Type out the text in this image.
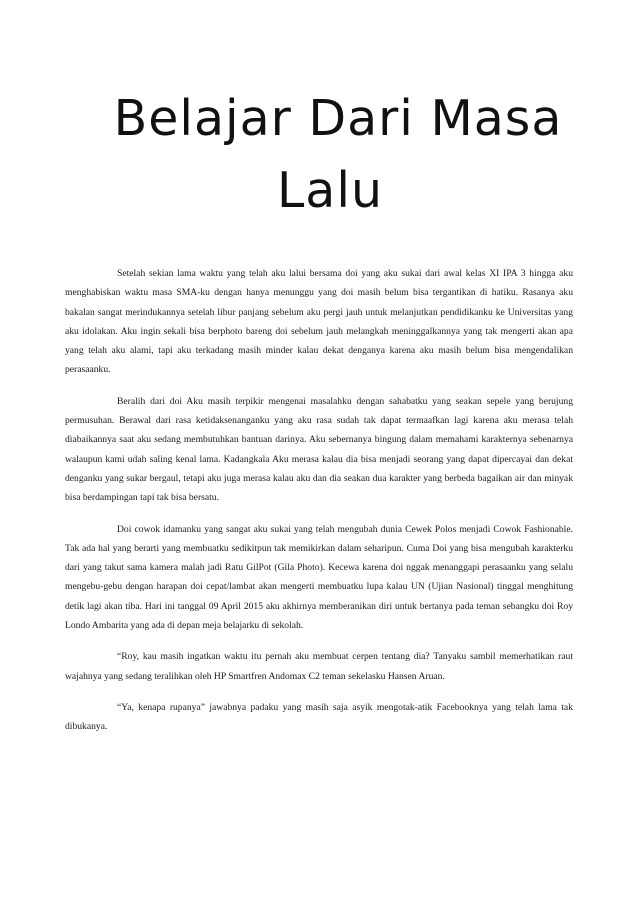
Belajar Dari Masa
Lalu

Setelah sekian lama waktu yang telah aku lalui bersama doi yang aku sukai dari awal kelas XI IPA 3 hingga aku menghabiskan waktu masa SMA-ku dengan hanya menunggu yang doi masih belum bisa tergantikan di hatiku. Rasanya aku bakalan sangat merindukannya setelah libur panjang sebelum aku pergi jauh untuk melanjutkan pendidikanku ke Universitas yang aku idolakan. Aku ingin sekali bisa berphoto bareng doi sebelum jauh melangkah meninggalkannya yang tak mengerti akan apa yang telah aku alami, tapi aku terkadang masih minder kalau dekat denganya karena aku masih belum bisa mengendalikan perasaanku.

Beralih dari doi Aku masih terpikir mengenai masalahku dengan sahabatku yang seakan sepele yang berujung permusuhan. Berawal dari rasa ketidaksenanganku yang aku rasa sudah tak dapat termaafkan lagi karena aku merasa telah diabaikannya saat aku sedang membutuhkan bantuan darinya. Aku sebernanya bingung dalam memahami karakternya sebenarnya walaupun kami udah saling kenal lama. Kadangkala Aku merasa kalau dia bisa menjadi seorang yang dapat dipercayai dan dekat denganku yang sukar bergaul, tetapi aku juga merasa kalau aku dan dia seakan dua karakter yang berbeda bagaikan air dan minyak bisa berdampingan tapi tak bisa bersatu.

Doi cowok idamanku yang sangat aku sukai yang telah mengubah dunia Cewek Polos menjadi Cowok Fashionable. Tak ada hal yang berarti yang membuatku sedikitpun tak memikirkan dalam seharipun. Cuma Doi yang bisa mengubah karakterku dari yang takut sama kamera malah jadi Ratu GilPot (Gila Photo). Kecewa karena doi nggak menanggapi perasaanku yang selalu mengebu-gebu dengan harapan doi cepat/lambat akan mengerti membuatku lupa kalau UN (Ujian Nasional) tinggal menghitung detik lagi akan tiba. Hari ini tanggal 09 April 2015 aku akhirnya memberanikan diri untuk bertanya pada teman sebangku doi Roy Londo Ambarita yang ada di depan meja belajarku di sekolah.

“Roy, kau masih ingatkan waktu itu pernah aku membuat cerpen tentang dia? Tanyaku sambil memerhatikan raut wajahnya yang sedang teralihkan oleh HP Smartfren Andomax C2 teman sekelasku Hansen Aruan.

“Ya, kenapa rupanya” jawabnya padaku yang masih saja asyik mengotak-atik Facebooknya yang telah lama tak dibukanya.
